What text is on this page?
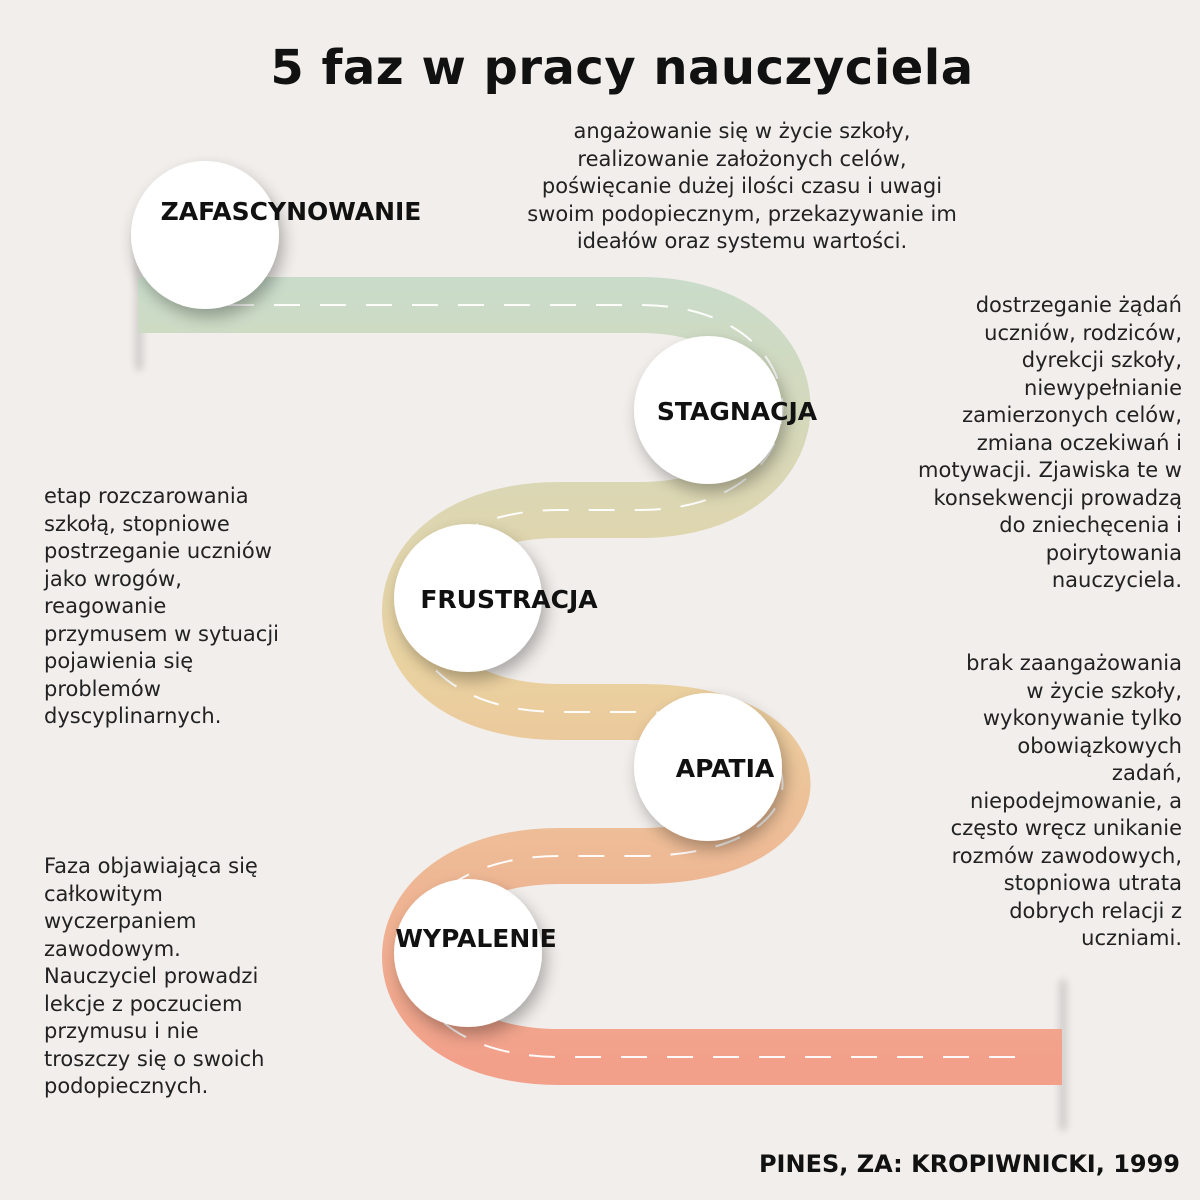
5 faz w pracy nauczyciela
ZAFASCYNOWANIE
STAGNACJA
FRUSTRACJA
APATIA
WYPALENIE
angażowanie się w życie szkoły,
realizowanie założonych celów,
poświęcanie dużej ilości czasu i uwagi
swoim podopiecznym, przekazywanie im
ideałów oraz systemu wartości.
dostrzeganie żądań
uczniów, rodziców,
dyrekcji szkoły,
niewypełnianie
zamierzonych celów,
zmiana oczekiwań i
motywacji. Zjawiska te w
konsekwencji prowadzą
do zniechęcenia i
poirytowania
nauczyciela.
etap rozczarowania
szkołą, stopniowe
postrzeganie uczniów
jako wrogów,
reagowanie
przymusem w sytuacji
pojawienia się
problemów
dyscyplinarnych.
brak zaangażowania
w życie szkoły,
wykonywanie tylko
obowiązkowych
zadań,
niepodejmowanie, a
często wręcz unikanie
rozmów zawodowych,
stopniowa utrata
dobrych relacji z
uczniami.
Faza objawiająca się
całkowitym
wyczerpaniem
zawodowym.
Nauczyciel prowadzi
lekcje z poczuciem
przymusu i nie
troszczy się o swoich
podopiecznych.
PINES, ZA: KROPIWNICKI, 1999
